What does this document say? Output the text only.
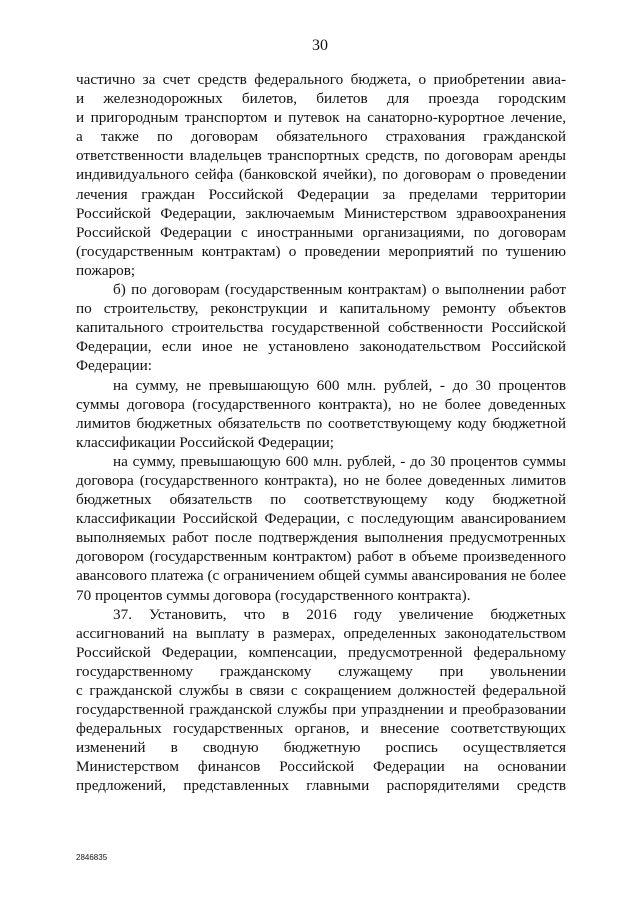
30
частично за счет средств федерального бюджета, о приобретении авиа-
и железнодорожных билетов, билетов для проезда городским
и пригородным транспортом и путевок на санаторно-курортное лечение,
а также по договорам обязательного страхования гражданской
ответственности владельцев транспортных средств, по договорам аренды
индивидуального сейфа (банковской ячейки), по договорам о проведении
лечения граждан Российской Федерации за пределами территории
Российской Федерации, заключаемым Министерством здравоохранения
Российской Федерации с иностранными организациями, по договорам
(государственным контрактам) о проведении мероприятий по тушению
пожаров;
б) по договорам (государственным контрактам) о выполнении работ
по строительству, реконструкции и капитальному ремонту объектов
капитального строительства государственной собственности Российской
Федерации, если иное не установлено законодательством Российской
Федерации:
на сумму, не превышающую 600 млн. рублей, - до 30 процентов
суммы договора (государственного контракта), но не более доведенных
лимитов бюджетных обязательств по соответствующему коду бюджетной
классификации Российской Федерации;
на сумму, превышающую 600 млн. рублей, - до 30 процентов суммы
договора (государственного контракта), но не более доведенных лимитов
бюджетных обязательств по соответствующему коду бюджетной
классификации Российской Федерации, с последующим авансированием
выполняемых работ после подтверждения выполнения предусмотренных
договором (государственным контрактом) работ в объеме произведенного
авансового платежа (с ограничением общей суммы авансирования не более
70 процентов суммы договора (государственного контракта).
37. Установить, что в 2016 году увеличение бюджетных
ассигнований на выплату в размерах, определенных законодательством
Российской Федерации, компенсации, предусмотренной федеральному
государственному гражданскому служащему при увольнении
с гражданской службы в связи с сокращением должностей федеральной
государственной гражданской службы при упразднении и преобразовании
федеральных государственных органов, и внесение соответствующих
изменений в сводную бюджетную роспись осуществляется
Министерством финансов Российской Федерации на основании
предложений, представленных главными распорядителями средств
2846835
